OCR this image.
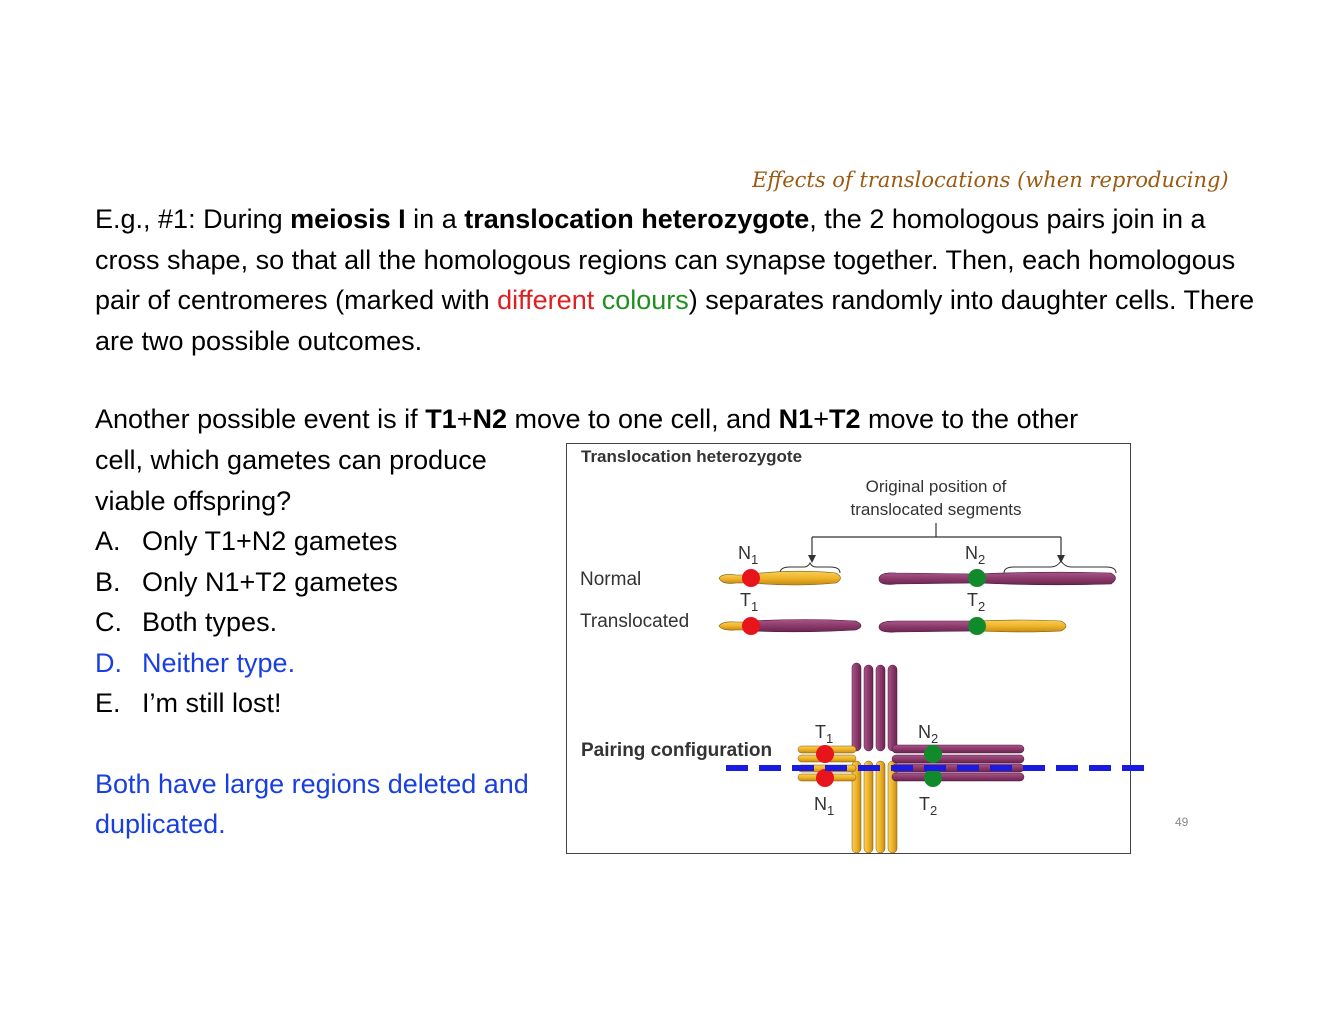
Effects of translocations (when reproducing)
E.g., #1: During meiosis I in a translocation heterozygote, the 2 homologous pairs join in a cross shape, so that all the homologous regions can synapse together. Then, each homologous pair of centromeres (marked with different colours) separates randomly into daughter cells. There are two possible outcomes.
Another possible event is if T1+N2 move to one cell, and N1+T2 move to the other
cell, which gametes can produce viable offspring?
A. Only T1+N2 gametes
B. Only N1+T2 gametes
C. Both types.
D. Neither type.
E. I’m still lost!
Both have large regions deleted and duplicated.
Translocation heterozygote
Original position of
translocated segments
Normal
Translocated
$N_1$	$N_2$
$T_1$	$T_2$
Pairing configuration
$T_1$	$N_2$
$N_1$	$T_2$
49
